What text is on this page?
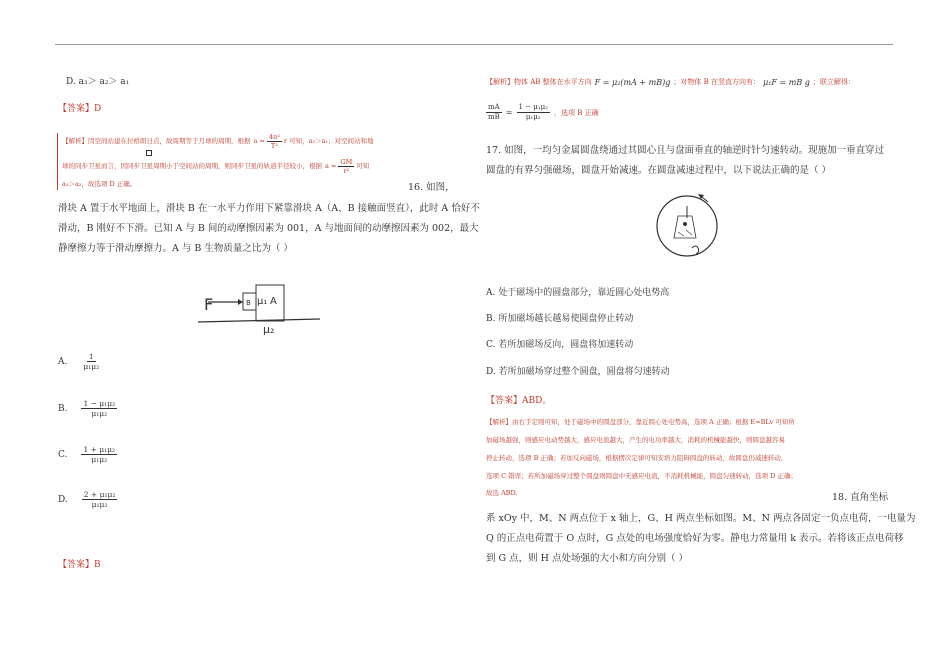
D. a₃＞ a₂＞ a₁
【答案】D
【解析】因空间站建在拉格朗日点，故周期等于月球的周期，根据 $a = \frac{\text{4π²}}{\text{T²}}$ r 可知，a₂＞a₁；对空间站和地
球的同步卫星而言，因同步卫星周期小于空间站的周期，则同步卫星的轨道半径较小，根据 $a = \frac{GM}{\text{r²}}$ 可知
a₃＞a₂，故选项 D 正确。	16. 如图，
滑块 A 置于水平地面上，滑块 B 在一水平力作用下紧靠滑块 A（A、B 接触面竖直），此时 A 恰好不
滑动，B 刚好不下滑。已知 A 与 B 间的动摩擦因素为 001，A 与地面间的动摩擦因素为 002，最大
静摩擦力等于滑动摩擦力。A 与 B 生物质量之比为（ ）
F	B μ₁ A
μ₂
A. $\frac{1}{\text{μ₁μ₂}}$
B. $\frac{\text{1 − μ₁μ₂}}{\text{μ₁μ₂}}$
C. $\frac{\text{1 + μ₁μ₂}}{\text{μ₁μ₂}}$
D. $\frac{\text{2 + μ₁μ₂}}{\text{μ₁μ₂}}$
【答案】B
【解析】物体 AB 整体在水平方向 F = μ₂(mA + mB)g ；对物体 B 在竖直方向有： μ₁F = mB g ；联立解得：
$\frac{mA}{mB} = \frac{\text{1 − μ₁μ₂}}{\text{μ₁μ₂}}$ ，选项 B 正确
17. 如图，一均匀金属圆盘绕通过其圆心且与盘面垂直的轴逆时针匀速转动。现施加一垂直穿过
圆盘的有界匀强磁场，圆盘开始减速。在圆盘减速过程中，以下说法正确的是（ ）
A. 处于磁场中的圆盘部分，靠近圆心处电势高
B. 所加磁场越长越易使圆盘停止转动
C. 若所加磁场反向，圆盘将加速转动
D. 若所加磁场穿过整个圆盘，圆盘将匀速转动
【答案】ABD。
【解析】由右手定则可知，处于磁场中的圆盘部分，靠近圆心处电势高，选项 A 正确；根据 E=BLv 可知所
加磁场越强，则感应电动势越大，感应电流越大，产生的电功率越大，消耗的机械能越快，则圆盘越容易
停止转动，选项 B 正确；若加反向磁场，根据楞次定律可知安培力阻碍圆盘的转动，故圆盘仍减速转动，
选项 C 错误；若所加磁场穿过整个圆盘则圆盘中无感应电流，不消耗机械能，圆盘匀速转动，选项 D 正确；
故选 ABD.	18. 直角坐标
系 xOy 中，M、N 两点位于 x 轴上，G、H 两点坐标如图。M、N 两点各固定一负点电荷，一电量为
Q 的正点电荷置于 O 点时，G 点处的电场强度恰好为零。静电力常量用 k 表示。若将该正点电荷移
到 G 点，则 H 点处场强的大小和方向分别（ ）
